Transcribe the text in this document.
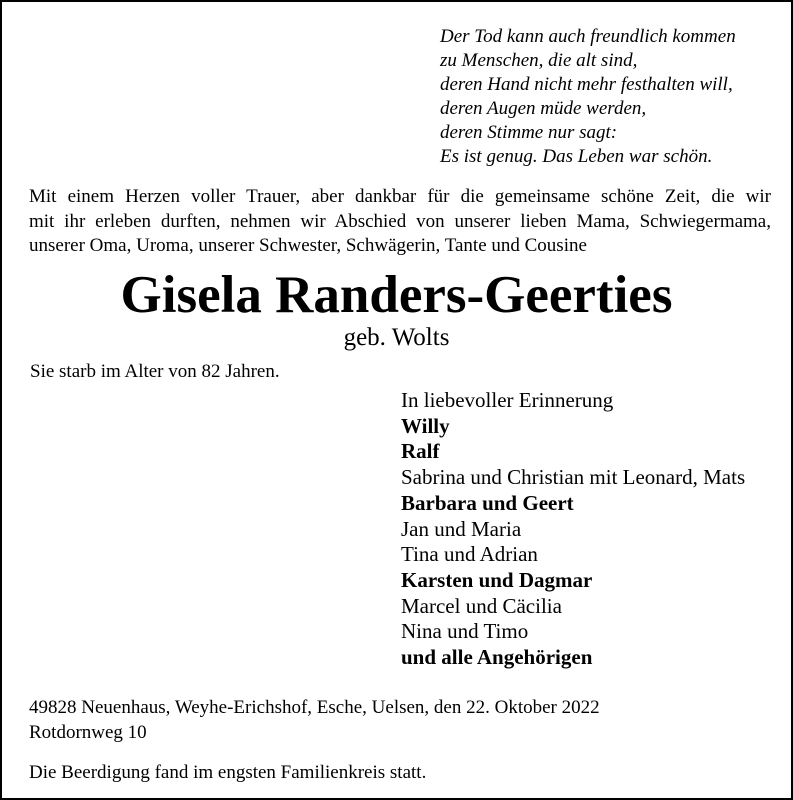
Der Tod kann auch freundlich kommen
zu Menschen, die alt sind,
deren Hand nicht mehr festhalten will,
deren Augen müde werden,
deren Stimme nur sagt:
Es ist genug. Das Leben war schön.
Mit einem Herzen voller Trauer, aber dankbar für die gemeinsame schöne Zeit, die wir
mit ihr erleben durften, nehmen wir Abschied von unserer lieben Mama, Schwiegermama,
unserer Oma, Uroma, unserer Schwester, Schwägerin, Tante und Cousine
Gisela Randers-Geerties
geb. Wolts
Sie starb im Alter von 82 Jahren.
In liebevoller Erinnerung
Willy
Ralf
Sabrina und Christian mit Leonard, Mats
Barbara und Geert
Jan und Maria
Tina und Adrian
Karsten und Dagmar
Marcel und Cäcilia
Nina und Timo
und alle Angehörigen
49828 Neuenhaus, Weyhe-Erichshof, Esche, Uelsen, den 22. Oktober 2022
Rotdornweg 10
Die Beerdigung fand im engsten Familienkreis statt.
